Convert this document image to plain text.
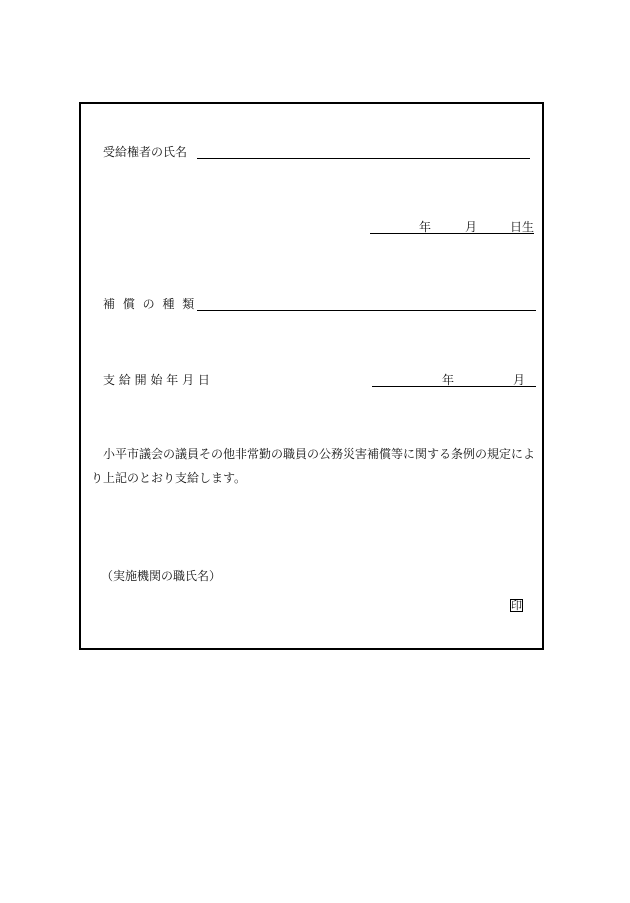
受給権者の氏名
年	月	日生
補 償 の 種 類
支 給 開 始 年 月 日	年	月
小平市議会の議員その他非常勤の職員の公務災害補償等に関する条例の規定によ
り上記のとおり支給します。
（実施機関の職氏名）
印
